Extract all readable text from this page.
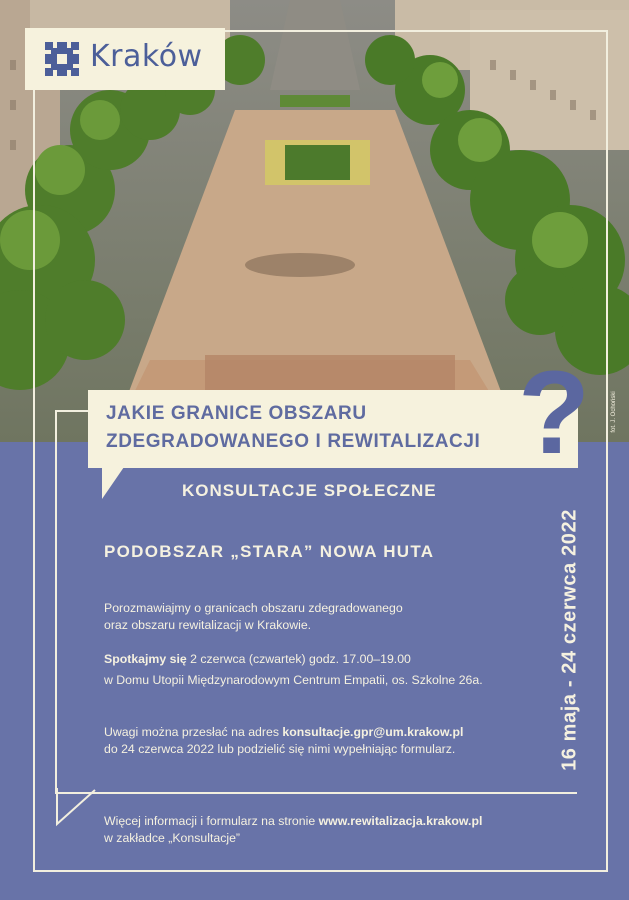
Kraków
JAKIE GRANICE OBSZARU
ZDEGRADOWANEGO I REWITALIZACJI ?	fot. J. Ochoński
KONSULTACJE SPOŁECZNE
PODOBSZAR „STARA” NOWA HUTA
Porozmawiajmy o granicach obszaru zdegradowanego
oraz obszaru rewitalizacji w Krakowie.
Spotkajmy się 2 czerwca (czwartek) godz. 17.00–19.00
w Domu Utopii Międzynarodowym Centrum Empatii, os. Szkolne 26a.
Uwagi można przesłać na adres konsultacje.gpr@um.krakow.pl
do 24 czerwca 2022 lub podzielić się nimi wypełniając formularz.
Więcej informacji i formularz na stronie www.rewitalizacja.krakow.pl
w zakładce „Konsultacje”
16 maja - 24 czerwca 2022
